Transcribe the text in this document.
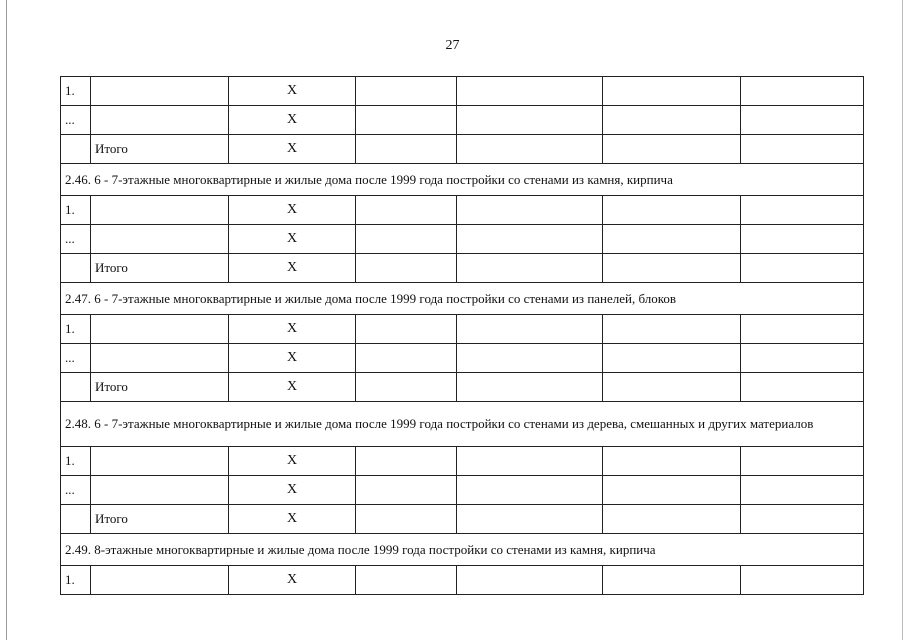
27
1.		X				
...		X				
	Итого	X				
2.46. 6 - 7-этажные многоквартирные и жилые дома после 1999 года постройки со стенами из камня, кирпича						
1.		X				
...		X				
	Итого	X				
2.47. 6 - 7-этажные многоквартирные и жилые дома после 1999 года постройки со стенами из панелей, блоков						
1.		X				
...		X				
	Итого	X				
2.48. 6 - 7-этажные многоквартирные и жилые дома после 1999 года постройки со стенами из дерева, смешанных и других материалов						
1.		X				
...		X				
	Итого	X				
2.49. 8-этажные многоквартирные и жилые дома после 1999 года постройки со стенами из камня, кирпича						
1.		X				
